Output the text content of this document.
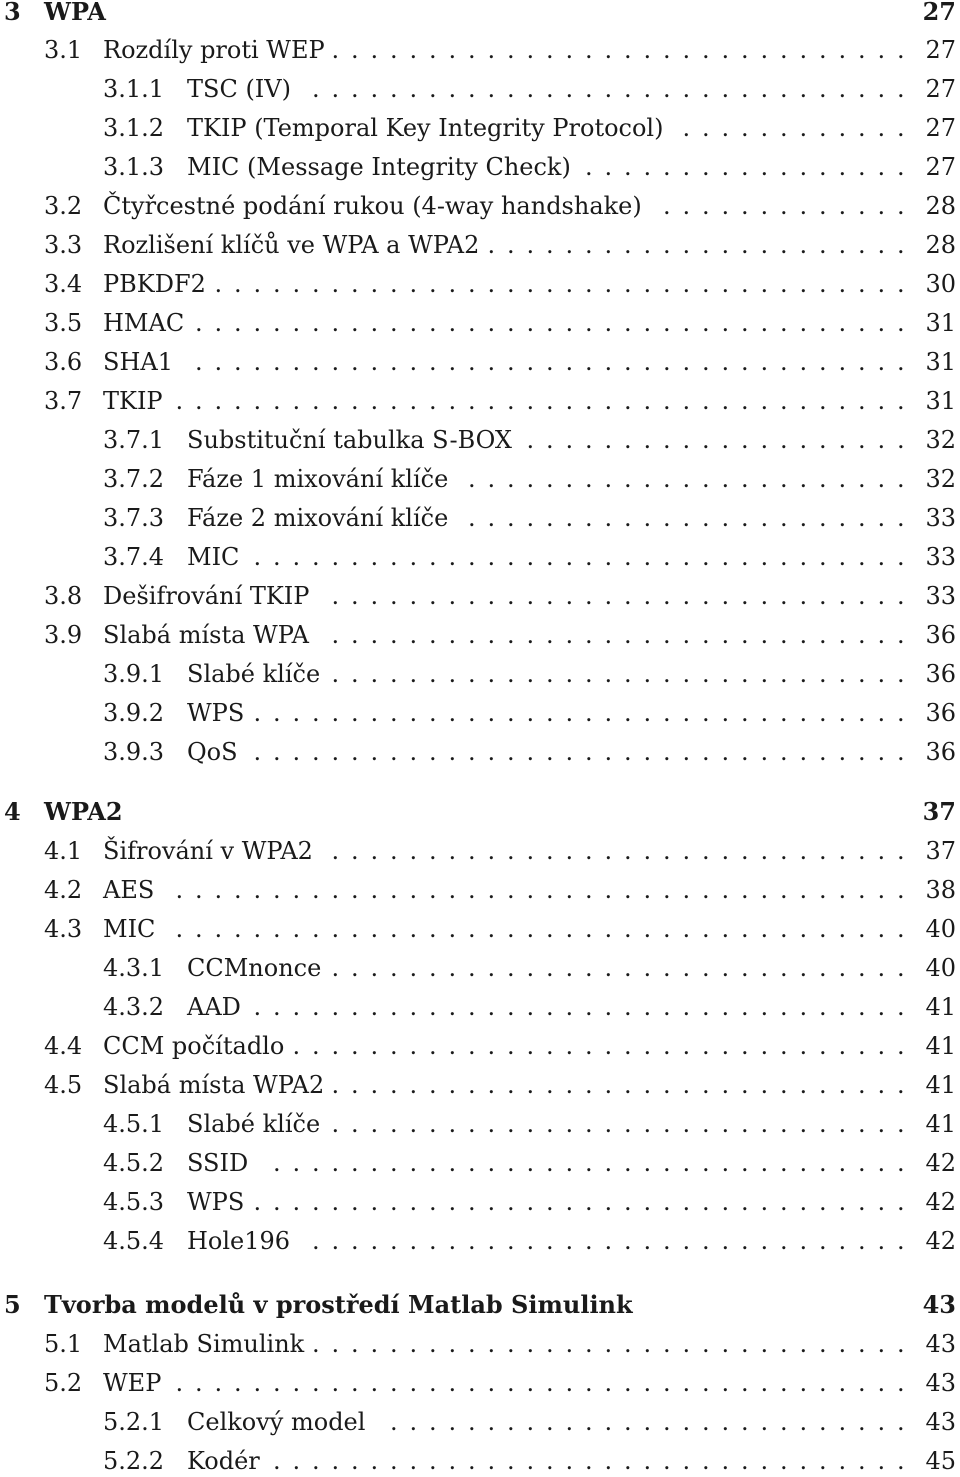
3 WPA	27
3.1 Rozdíly proti WEP . . . . . . . . . . . . . . . . . . . . . . . . . . . . . . 27
3.1.1 TSC (IV) . . . . . . . . . . . . . . . . . . . . . . . . . . . . . . . 27
3.1.2 TKIP (Temporal Key Integrity Protocol) . . . . . . . . . . . . 27
3.1.3 MIC (Message Integrity Check) . . . . . . . . . . . . . . . . . 27
3.2 Čtyřcestné podání rukou (4-way handshake) . . . . . . . . . . . . . 28
3.3 Rozlišení klíčů ve WPA a WPA2 . . . . . . . . . . . . . . . . . . . . . . 28
3.4 PBKDF2 . . . . . . . . . . . . . . . . . . . . . . . . . . . . . . . . . . . . 30
3.5 HMAC . . . . . . . . . . . . . . . . . . . . . . . . . . . . . . . . . . . . . 31
3.6 SHA1 . . . . . . . . . . . . . . . . . . . . . . . . . . . . . . . . . . . . . 31
3.7 TKIP . . . . . . . . . . . . . . . . . . . . . . . . . . . . . . . . . . . . . . 31
3.7.1 Substituční tabulka S-BOX . . . . . . . . . . . . . . . . . . . . 32
3.7.2 Fáze 1 mixování klíče . . . . . . . . . . . . . . . . . . . . . . . 32
3.7.3 Fáze 2 mixování klíče . . . . . . . . . . . . . . . . . . . . . . . 33
3.7.4 MIC . . . . . . . . . . . . . . . . . . . . . . . . . . . . . . . . . . 33
3.8 Dešifrování TKIP . . . . . . . . . . . . . . . . . . . . . . . . . . . . . . 33
3.9 Slabá místa WPA . . . . . . . . . . . . . . . . . . . . . . . . . . . . . . 36
3.9.1 Slabé klíče . . . . . . . . . . . . . . . . . . . . . . . . . . . . . . 36
3.9.2 WPS . . . . . . . . . . . . . . . . . . . . . . . . . . . . . . . . . . 36
3.9.3 QoS . . . . . . . . . . . . . . . . . . . . . . . . . . . . . . . . . . 36
4 WPA2	37
4.1 Šifrování v WPA2 . . . . . . . . . . . . . . . . . . . . . . . . . . . . . . 37
4.2 AES . . . . . . . . . . . . . . . . . . . . . . . . . . . . . . . . . . . . . . 38
4.3 MIC . . . . . . . . . . . . . . . . . . . . . . . . . . . . . . . . . . . . . . 40
4.3.1 CCMnonce . . . . . . . . . . . . . . . . . . . . . . . . . . . . . . 40
4.3.2 AAD . . . . . . . . . . . . . . . . . . . . . . . . . . . . . . . . . . 41
4.4 CCM počítadlo . . . . . . . . . . . . . . . . . . . . . . . . . . . . . . . . 41
4.5 Slabá místa WPA2 . . . . . . . . . . . . . . . . . . . . . . . . . . . . . . 41
4.5.1 Slabé klíče . . . . . . . . . . . . . . . . . . . . . . . . . . . . . . 41
4.5.2 SSID . . . . . . . . . . . . . . . . . . . . . . . . . . . . . . . . . 42
4.5.3 WPS . . . . . . . . . . . . . . . . . . . . . . . . . . . . . . . . . . 42
4.5.4 Hole196 . . . . . . . . . . . . . . . . . . . . . . . . . . . . . . . 42
5 Tvorba modelů v prostředí Matlab Simulink	43
5.1 Matlab Simulink . . . . . . . . . . . . . . . . . . . . . . . . . . . . . . . 43
5.2 WEP . . . . . . . . . . . . . . . . . . . . . . . . . . . . . . . . . . . . . . 43
5.2.1 Celkový model . . . . . . . . . . . . . . . . . . . . . . . . . . . 43
5.2.2 Kodér . . . . . . . . . . . . . . . . . . . . . . . . . . . . . . . . . 45
